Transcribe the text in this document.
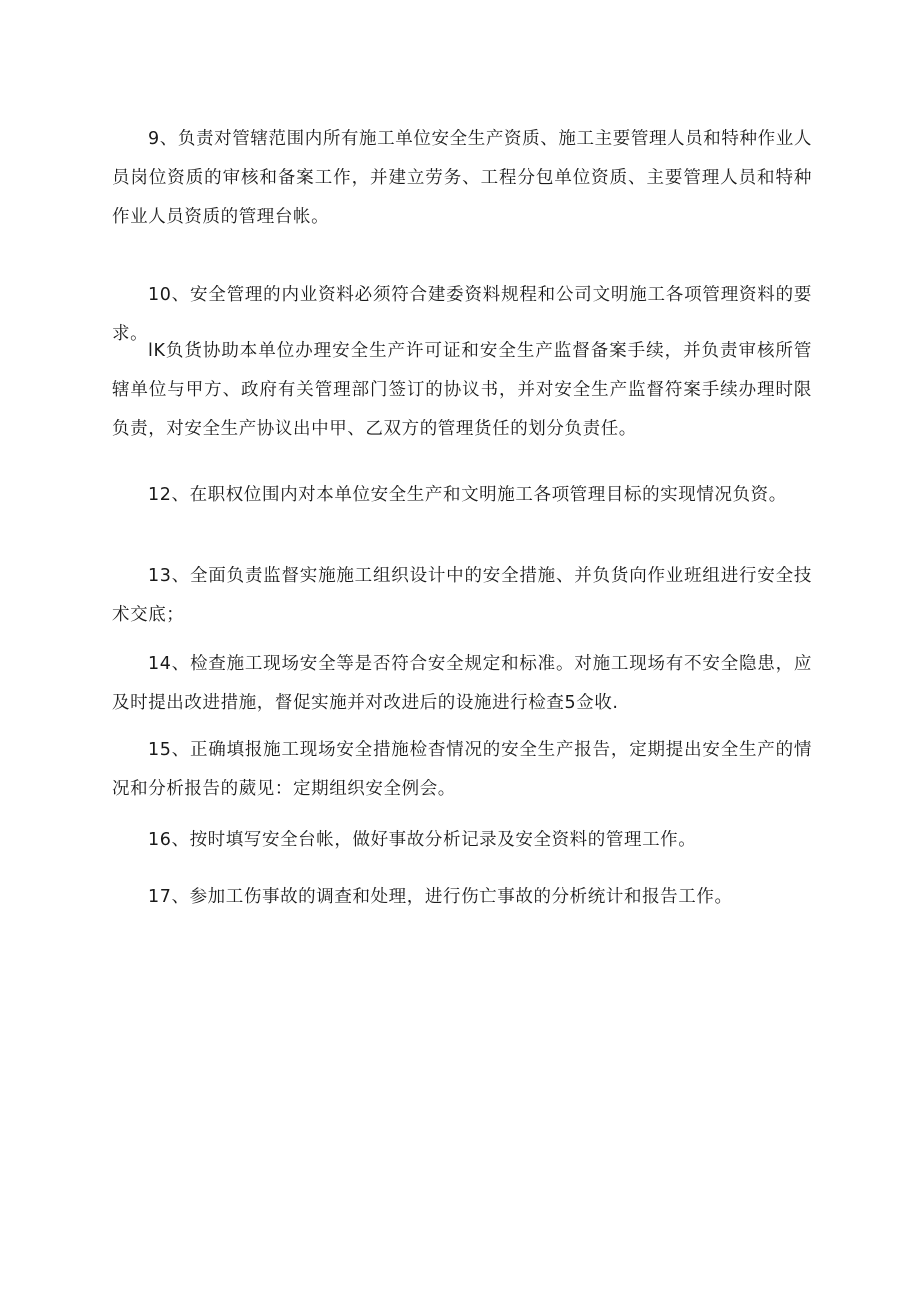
9、负责对管辖范围内所有施工单位安全生产资质、施工主要管理人员和特种作业人员岗位资质的审核和备案工作，并建立劳务、工程分包单位资质、主要管理人员和特种作业人员资质的管理台帐。

10、安全管理的内业资料必须符合建委资料规程和公司文明施工各项管理资料的要求。

lK负货协助本单位办理安全生产许可证和安全生产监督备案手续，并负责审核所管辖单位与甲方、政府有关管理部门签订的协议书，并对安全生产监督符案手续办理时限负责，对安全生产协议出中甲、乙双方的管理货任的划分负责任。

12、在职权位围内对本单位安全生产和文明施工各项管理目标的实现情况负资。

13、全面负责监督实施施工组织设计中的安全措施、并负货向作业班组进行安全技术交底；

14、检查施工现场安全等是否符合安全规定和标准。对施工现场有不安全隐患，应及时提出改进措施，督促实施并对改进后的设施进行检查5佥收.

15、正确填报施工现场安全措施检杳情况的安全生产报告，定期提出安全生产的情况和分析报告的葳见：定期组织安全例会。

16、按时填写安全台帐，做好事故分析记录及安全资料的管理工作。

17、参加工伤事故的调查和处理，进行伤亡事故的分析统计和报告工作。
